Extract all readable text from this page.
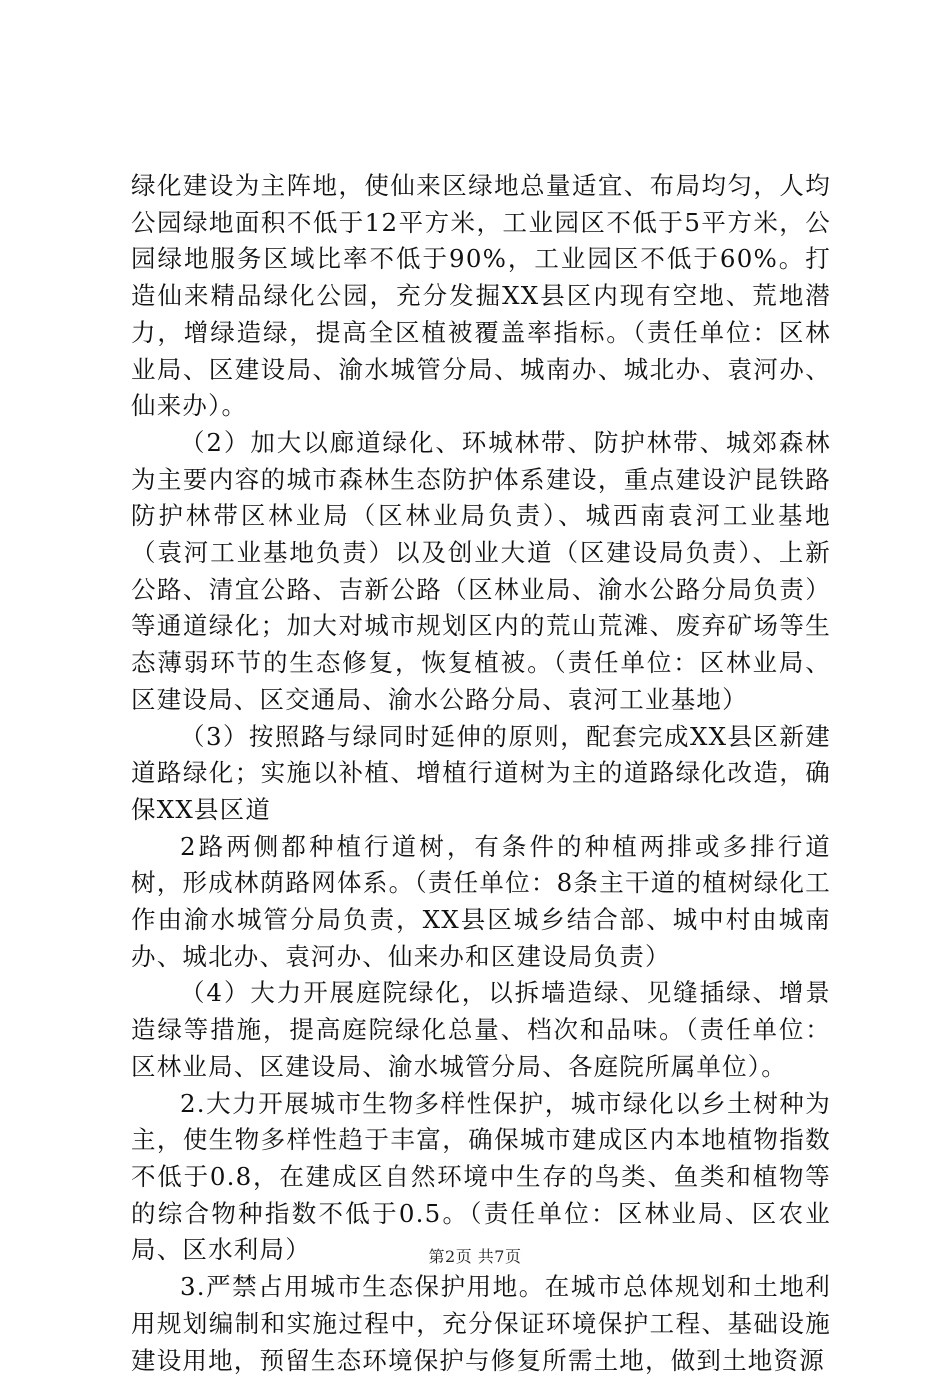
绿化建设为主阵地，使仙来区绿地总量适宜、布局均匀，人均公园绿地面积不低于12平方米，工业园区不低于5平方米，公园绿地服务区域比率不低于90%，工业园区不低于60%。打造仙来精品绿化公园，充分发掘XX县区内现有空地、荒地潜力，增绿造绿，提高全区植被覆盖率指标。（责任单位：区林业局、区建设局、渝水城管分局、城南办、城北办、袁河办、仙来办）。

（2）加大以廊道绿化、环城林带、防护林带、城郊森林为主要内容的城市森林生态防护体系建设，重点建设沪昆铁路防护林带区林业局（区林业局负责）、城西南袁河工业基地（袁河工业基地负责）以及创业大道（区建设局负责）、上新公路、清宜公路、吉新公路（区林业局、渝水公路分局负责）等通道绿化；加大对城市规划区内的荒山荒滩、废弃矿场等生态薄弱环节的生态修复，恢复植被。（责任单位：区林业局、区建设局、区交通局、渝水公路分局、袁河工业基地）

（3）按照路与绿同时延伸的原则，配套完成XX县区新建道路绿化；实施以补植、增植行道树为主的道路绿化改造，确保XX县区道

2路两侧都种植行道树，有条件的种植两排或多排行道树，形成林荫路网体系。（责任单位：8条主干道的植树绿化工作由渝水城管分局负责，XX县区城乡结合部、城中村由城南办、城北办、袁河办、仙来办和区建设局负责）

（4）大力开展庭院绿化，以拆墙造绿、见缝插绿、增景造绿等措施，提高庭院绿化总量、档次和品味。（责任单位：区林业局、区建设局、渝水城管分局、各庭院所属单位）。

2.大力开展城市生物多样性保护，城市绿化以乡土树种为主，使生物多样性趋于丰富，确保城市建成区内本地植物指数不低于0.8，在建成区自然环境中生存的鸟类、鱼类和植物等的综合物种指数不低于0.5。（责任单位：区林业局、区农业局、区水利局）

3.严禁占用城市生态保护用地。在城市总体规划和土地利用规划编制和实施过程中，充分保证环境保护工程、基础设施建设用地，预留生态环境保护与修复所需土地，做到土地资源

第2页 共7页
